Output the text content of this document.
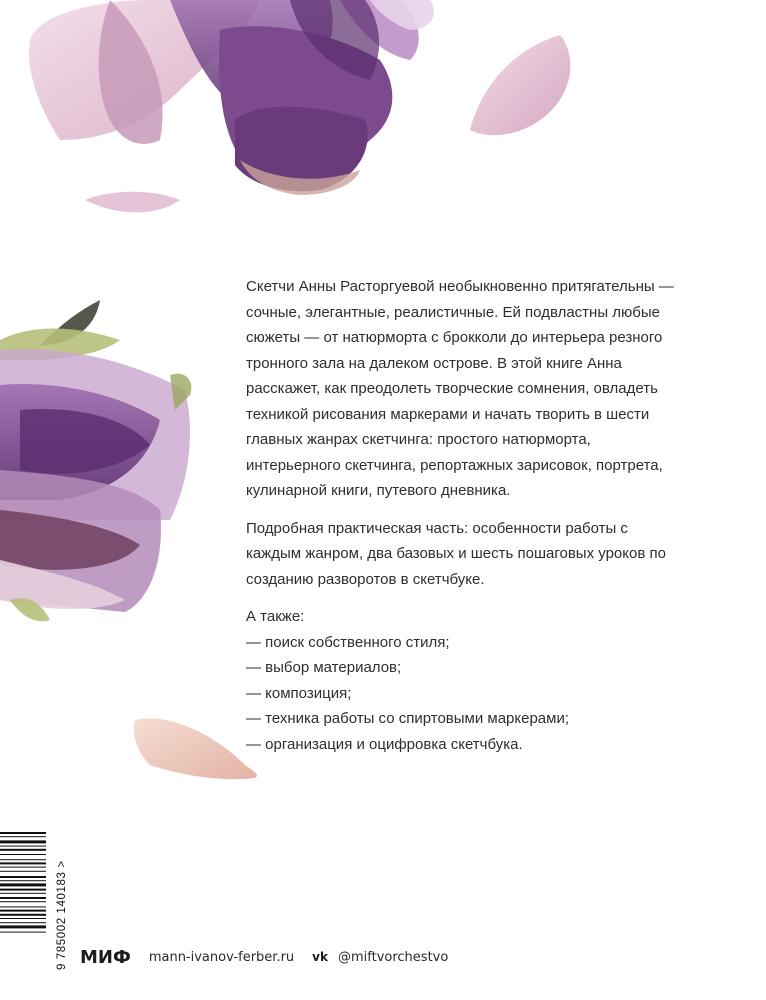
Скетчи Анны Расторгуевой необыкновенно притягательны — сочные, элегантные, реалистичные. Ей подвластны любые сюжеты — от натюрморта с брокколи до интерьера резного тронного зала на далеком острове. В этой книге Анна расскажет, как преодолеть творческие сомнения, овладеть техникой рисования маркерами и начать творить в шести главных жанрах скетчинга: простого натюрморта, интерьерного скетчинга, репортажных зарисовок, портрета, кулинарной книги, путевого дневника.

Подробная практическая часть: особенности работы с каждым жанром, два базовых и шесть пошаговых уроков по созданию разворотов в скетчбуке.

А также:

— поиск собственного стиля;
— выбор материалов;
— композиция;
— техника работы со спиртовыми маркерами;
— организация и оцифровка скетчбука.
9 785002 140183 > МИФ mann-ivanov-ferber.ru vk @miftvorchestvo
